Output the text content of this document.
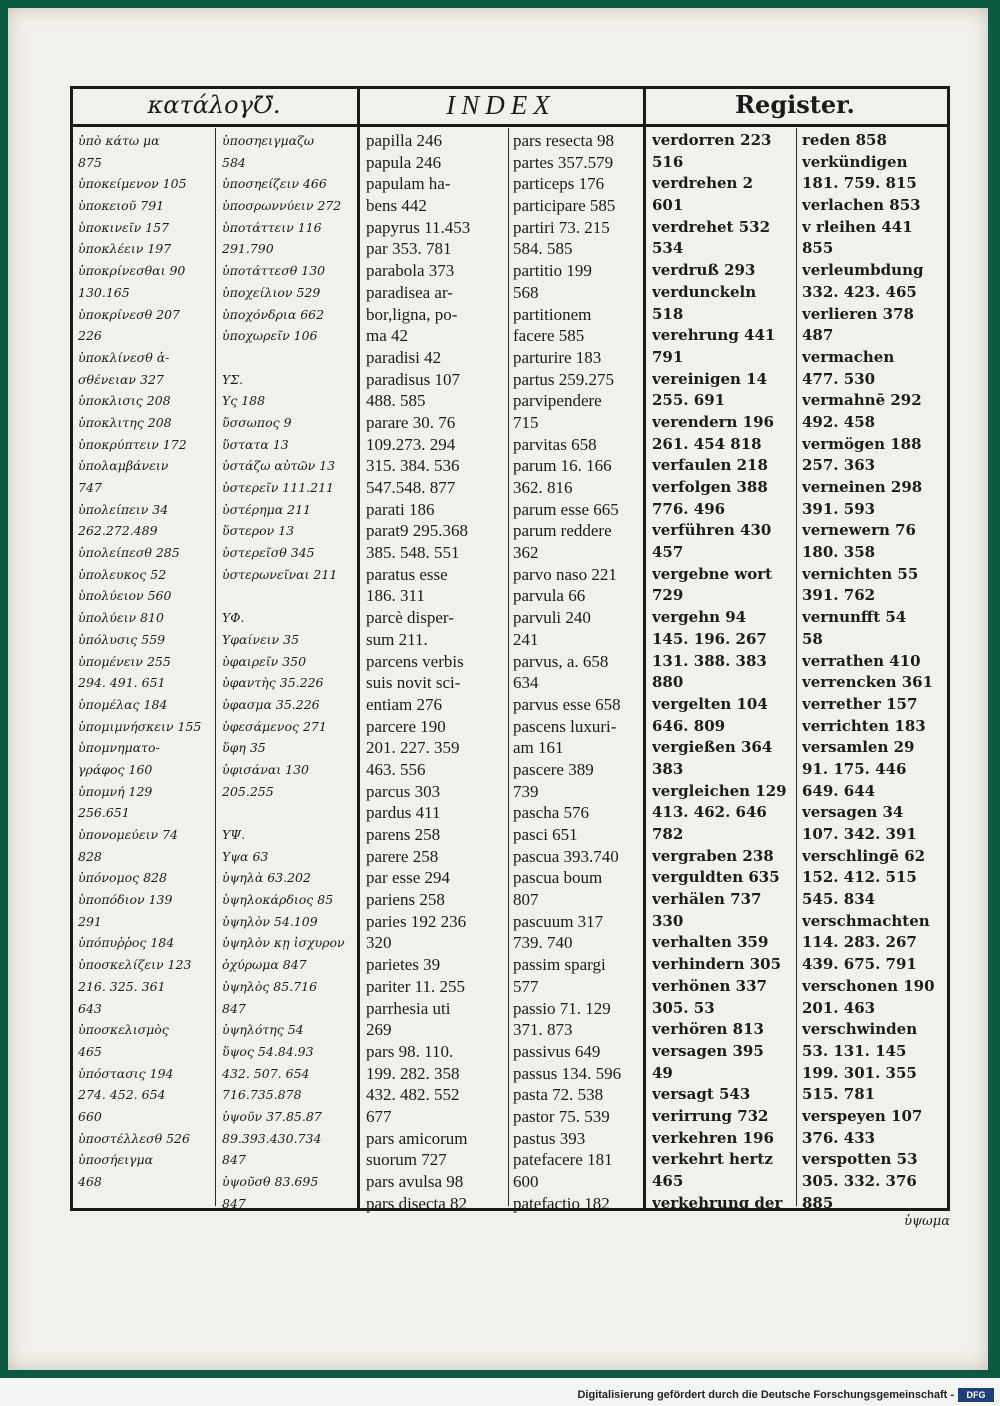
κατάλογ℧.	INDEX	Register.
ὑπὸ κάτω μα
875
ὑποκείμενον 105
ὑποκειοῦ 791
ὑποκινεῖν 157
ὑποκλέειν 197
ὑποκρίνεσθαι 90
130.165
ὑποκρίνεσθ 207
226
ὑποκλίνεσθ ἀ-
σθένειαν 327
ὑποκλισις 208
ὑποκλιτης 208
ὑποκρύπτειν 172
ὑπολαμβάνειν
747
ὑπολείπειν 34
262.272.489
ὑπολείπεσθ 285
ὑπολευκος 52
ὑπολύειον 560
ὑπολύειν 810
ὑπόλυσις 559
ὑπομένειν 255
294. 491. 651
ὑπομέλας 184
ὑπομιμνήσκειν 155
ὑπομνηματο-
γράφος 160
ὑπομνή 129
256.651
ὑπονομεύειν 74
828
ὑπόνομος 828
ὑποπόδιον 139
291
ὑπόπυῤῥος 184
ὑποσκελίζειν 123
216. 325. 361
643
ὑποσκελισμὸς
465
ὑπόστασις 194
274. 452. 654
660
ὑποστέλλεσθ 526
ὑποσήειγμα
468
ὑποσηειγμαζω
584
ὑποσηείζειν 466
ὑποσρωννύειν 272
ὑποτάττειν 116
291.790
ὑποτάττεσθ 130
ὑποχείλιον 529
ὑποχόνδρια 662
ὑποχωρεῖν 106
ΥΣ.
Υς 188
ὕσσωπος 9
ὕστατα 13
ὑστάζω αὐτῶν 13
ὑστερεῖν 111.211
ὑστέρημα 211
ὕστερον 13
ὑστερεῖσθ 345
ὑστερωνεῖναι 211
ΥΦ.
Υφαίνειν 35
ὑφαιρεῖν 350
ὑφαντὴς 35.226
ὑφασμα 35.226
ὑφεσάμενος 271
ὕφη 35
ὑφισάναι 130
205.255
ΥΨ.
Υψα 63
ὑψηλὰ 63.202
ὑψηλοκάρδιος 85
ὑψηλὸν 54.109
ὑψηλὸν κῃ ἰσχυρον
ὀχύρωμα 847
ὑψηλὸς 85.716
847
ὑψηλότης 54
ὕψος 54.84.93
432. 507. 654
716.735.878
ὑψοῦν 37.85.87
89.393.430.734
847
ὑψοῦσθ 83.695
847
papilla 246
papula 246
papulam ha-
bens 442
papyrus 11.453
par 353. 781
parabola 373
paradisea ar-
bor,ligna, po-
ma 42
paradisi 42
paradisus 107
488. 585
parare 30. 76
109.273. 294
315. 384. 536
547.548. 877
parati 186
parat9 295.368
385. 548. 551
paratus esse
186. 311
parcè disper-
sum 211.
parcens verbis
suis novit sci-
entiam 276
parcere 190
201. 227. 359
463. 556
parcus 303
pardus 411
parens 258
parere 258
par esse 294
pariens 258
paries 192 236
320
parietes 39
pariter 11. 255
parrhesia uti
269
pars 98. 110.
199. 282. 358
432. 482. 552
677
pars amicorum
suorum 727
pars avulsa 98
pars disecta 82
pars resecta 98
partes 357.579
particeps 176
participare 585
partiri 73. 215
584. 585
partitio 199
568
partitionem
facere 585
parturire 183
partus 259.275
parvipendere
715
parvitas 658
parum 16. 166
362. 816
parum esse 665
parum reddere
362
parvo naso 221
parvula 66
parvuli 240
241
parvus, a. 658
634
parvus esse 658
pascens luxuri-
am 161
pascere 389
739
pascha 576
pasci 651
pascua 393.740
pascua boum
807
pascuum 317
739. 740
passim spargi
577
passio 71. 129
371. 873
passivus 649
passus 134. 596
pasta 72. 538
pastor 75. 539
pastus 393
patefacere 181
600
patefactio 182
verdorren 223
516
verdrehen 2
601
verdrehet 532
534
verdruß 293
verdunckeln
518
verehrung 441
791
vereinigen 14
255. 691
verendern 196
261. 454 818
verfaulen 218
verfolgen 388
776. 496
verführen 430
457
vergebne wort
729
vergehn 94
145. 196. 267
131. 388. 383
880
vergelten 104
646. 809
vergießen 364
383
vergleichen 129
413. 462. 646
782
vergraben 238
verguldten 635
verhälen 737
330
verhalten 359
verhindern 305
verhönen 337
305. 53
verhören 813
versagen 395
49
versagt 543
verirrung 732
verkehren 196
verkehrt hertz
465
verkehrung der
reden 858
verkündigen
181. 759. 815
verlachen 853
v rleihen 441
855
verleumbdung
332. 423. 465
verlieren 378
487
vermachen
477. 530
vermahnē 292
492. 458
vermögen 188
257. 363
verneinen 298
391. 593
vernewern 76
180. 358
vernichten 55
391. 762
vernunfft 54
58
verrathen 410
verrencken 361
verrether 157
verrichten 183
versamlen 29
91. 175. 446
649. 644
versagen 34
107. 342. 391
verschlingē 62
152. 412. 515
545. 834
verschmachten
114. 283. 267
439. 675. 791
verschonen 190
201. 463
verschwinden
53. 131. 145
199. 301. 355
515. 781
verspeyen 107
376. 433
verspotten 53
305. 332. 376
885
ὑψωμα
Digitalisierung gefördert durch die Deutsche Forschungsgemeinschaft -	DFG
